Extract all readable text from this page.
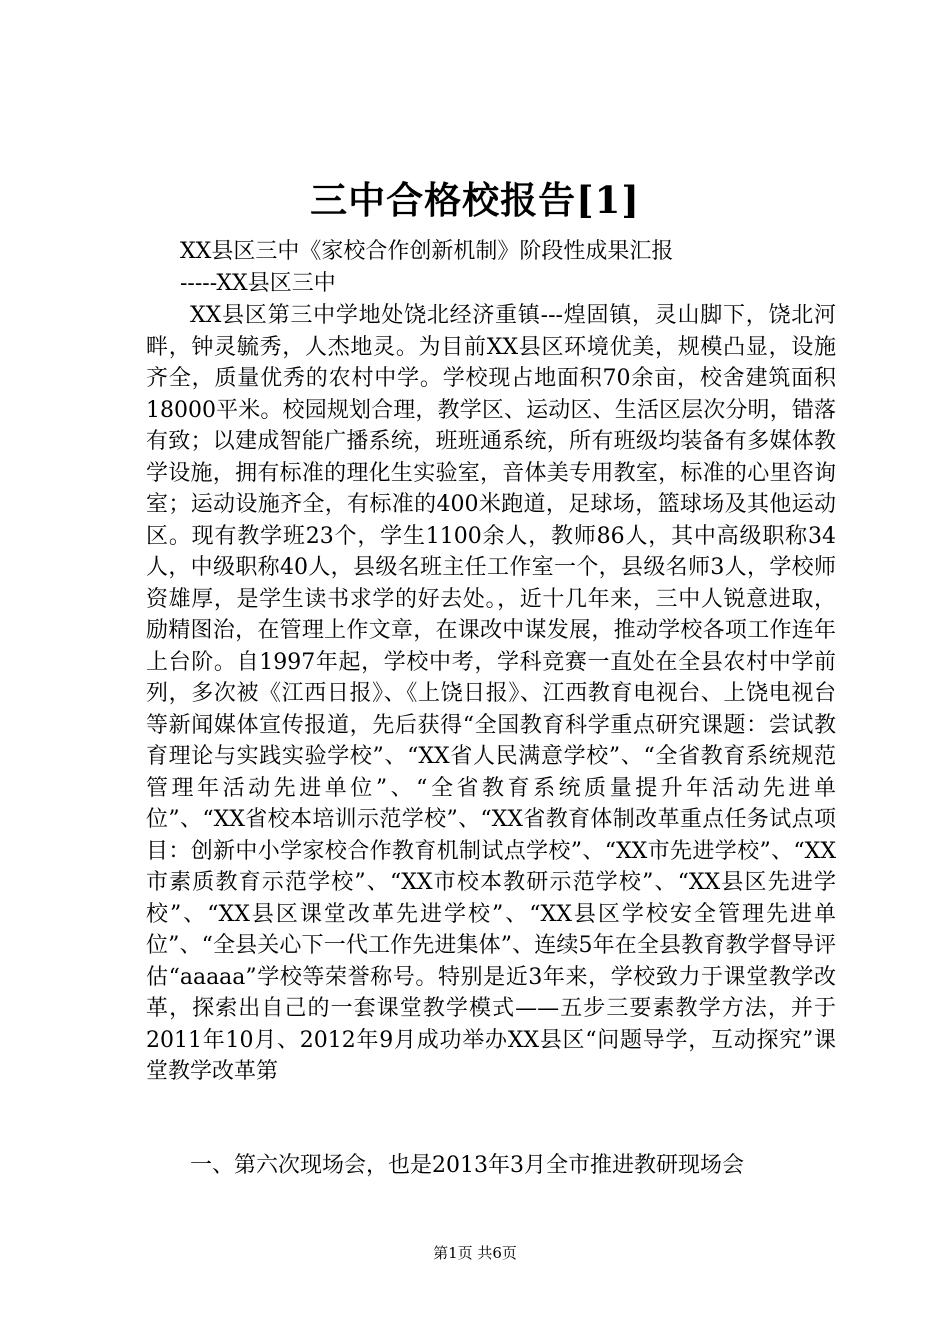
三中合格校报告[1]
XX县区三中《家校合作创新机制》阶段性成果汇报
-----XX县区三中

XX县区第三中学地处饶北经济重镇---煌固镇，灵山脚下，饶北河畔，钟灵毓秀，人杰地灵。为目前XX县区环境优美，规模凸显，设施齐全，质量优秀的农村中学。学校现占地面积70余亩，校舍建筑面积18000平米。校园规划合理，教学区、运动区、生活区层次分明，错落有致；以建成智能广播系统，班班通系统，所有班级均装备有多媒体教学设施，拥有标准的理化生实验室，音体美专用教室，标准的心里咨询室；运动设施齐全，有标准的400米跑道，足球场，篮球场及其他运动区。现有教学班23个，学生1100余人，教师86人，其中高级职称34人，中级职称40人，县级名班主任工作室一个，县级名师3人，学校师资雄厚，是学生读书求学的好去处。，近十几年来，三中人锐意进取，励精图治，在管理上作文章，在课改中谋发展，推动学校各项工作连年上台阶。自1997年起，学校中考，学科竞赛一直处在全县农村中学前列，多次被《江西日报》、《上饶日报》、江西教育电视台、上饶电视台等新闻媒体宣传报道，先后获得“全国教育科学重点研究课题：尝试教育理论与实践实验学校”、“XX省人民满意学校”、“全省教育系统规范管理年活动先进单位”、“全省教育系统质量提升年活动先进单位”、“XX省校本培训示范学校”、“XX省教育体制改革重点任务试点项目：创新中小学家校合作教育机制试点学校”、“XX市先进学校”、“XX市素质教育示范学校”、“XX市校本教研示范学校”、“XX县区先进学校”、“XX县区课堂改革先进学校”、“XX县区学校安全管理先进单位”、“全县关心下一代工作先进集体”、连续5年在全县教育教学督导评估“aaaaa”学校等荣誉称号。特别是近3年来，学校致力于课堂教学改革，探索出自己的一套课堂教学模式——五步三要素教学方法，并于2011年10月、2012年9月成功举办XX县区“问题导学，互动探究”课堂教学改革第

一、第六次现场会，也是2013年3月全市推进教研现场会

第1页 共6页
